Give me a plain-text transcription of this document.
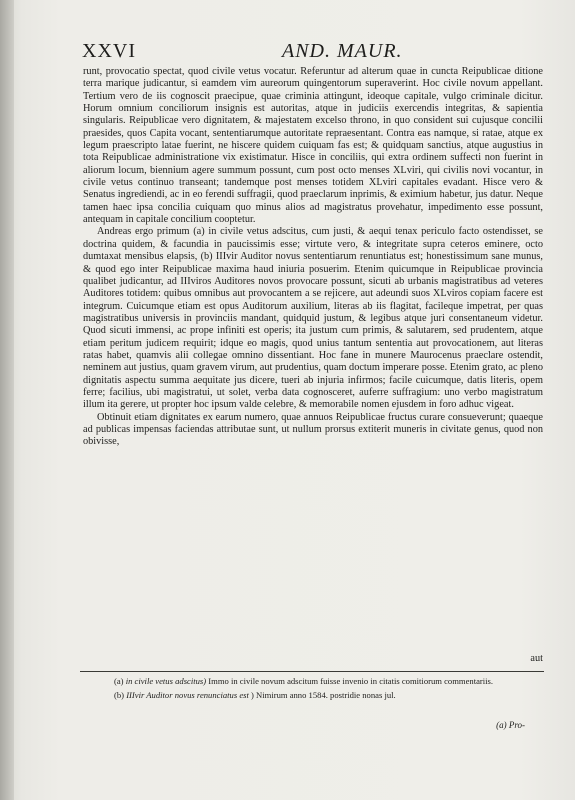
XXVI	AND. MAUR.

runt, provocatio spectat, quod civile vetus vocatur. Referuntur ad alterum quae in cuncta Reipublicae ditione terra marique judicantur, si eamdem vim aureorum quingentorum superaverint. Hoc civile novum appellant. Tertium vero de iis cognoscit praecipue, quae criminia attingunt, ideoque capitale, vulgo criminale dicitur. Horum omnium conciliorum insignis est autoritas, atque in judiciis exercendis integritas, & sapientia singularis. Reipublicae vero dignitatem, & majestatem excelso throno, in quo consident sui cujusque concilii praesides, quos Capita vocant, sententiarumque autoritate repraesentant. Contra eas namque, si ratae, atque ex legum praescripto latae fuerint, ne hiscere quidem cuiquam fas est; & quidquam sanctius, atque augustius in tota Reipublicae administratione vix existimatur. Hisce in conciliis, qui extra ordinem suffecti non fuerint in aliorum locum, biennium agere summum possunt, cum post octo menses XLviri, qui civilis novi vocantur, in civile vetus continuo transeant; tandemque post menses totidem XLviri capitales evadant. Hisce vero & Senatus ingrediendi, ac in eo ferendi suffragii, quod praeclarum inprimis, & eximium habetur, jus datur. Neque tamen haec ipsa concilia cuiquam quo minus alios ad magistratus provehatur, impedimento esse possunt, antequam in capitale concilium cooptetur.

Andreas ergo primum (a) in civile vetus adscitus, cum justi, & aequi tenax periculo facto ostendisset, se doctrina quidem, & facundia in paucissimis esse; virtute vero, & integritate supra ceteros eminere, octo dumtaxat mensibus elapsis, (b) IIIvir Auditor novus sententiarum renuntiatus est; honestissimum sane munus, & quod ego inter Reipublicae maxima haud iniuria posuerim. Etenim quicumque in Reipublicae provincia qualibet judicantur, ad IIIviros Auditores novos provocare possunt, sicuti ab urbanis magistratibus ad veteres Auditores totidem: quibus omnibus aut provocantem a se rejicere, aut adeundi suos XLviros copiam facere est integrum. Cuicumque etiam est opus Auditorum auxilium, literas ab iis flagitat, facileque impetrat, per quas magistratibus universis in provinciis mandant, quidquid justum, & legibus atque juri consentaneum videtur. Quod sicuti immensi, ac prope infiniti est operis; ita justum cum primis, & salutarem, sed prudentem, atque etiam peritum judicem requirit; idque eo magis, quod unius tantum sententia aut provocationem, aut literas ratas habet, quamvis alii collegae omnino dissentiant. Hoc fane in munere Maurocenus praeclare ostendit, neminem aut justius, quam gravem virum, aut prudentius, quam doctum imperare posse. Etenim grato, ac pleno dignitatis aspectu summa aequitate jus dicere, tueri ab injuria infirmos; facile cuicumque, datis literis, opem ferre; facilius, ubi magistratui, ut solet, verba data cognosceret, auferre suffragium: uno verbo magistratum illum ita gerere, ut propter hoc ipsum valde celebre, & memorabile nomen ejusdem in foro adhuc vigeat.

Obtinuit etiam dignitates ex earum numero, quae annuos Reipublicae fructus curare consueverunt; quaeque ad publicas impensas faciendas attributae sunt, ut nullum prorsus extiterit muneris in civitate genus, quod non obivisse,

aut

(a) in civile vetus adscitus) Immo in civile novum adscitum fuisse invenio in citatis comitiorum commentariis.

(b) IIIvir Auditor novus renunciatus est ) Nimirum anno 1584. postridie nonas jul.

(a) Pro-
